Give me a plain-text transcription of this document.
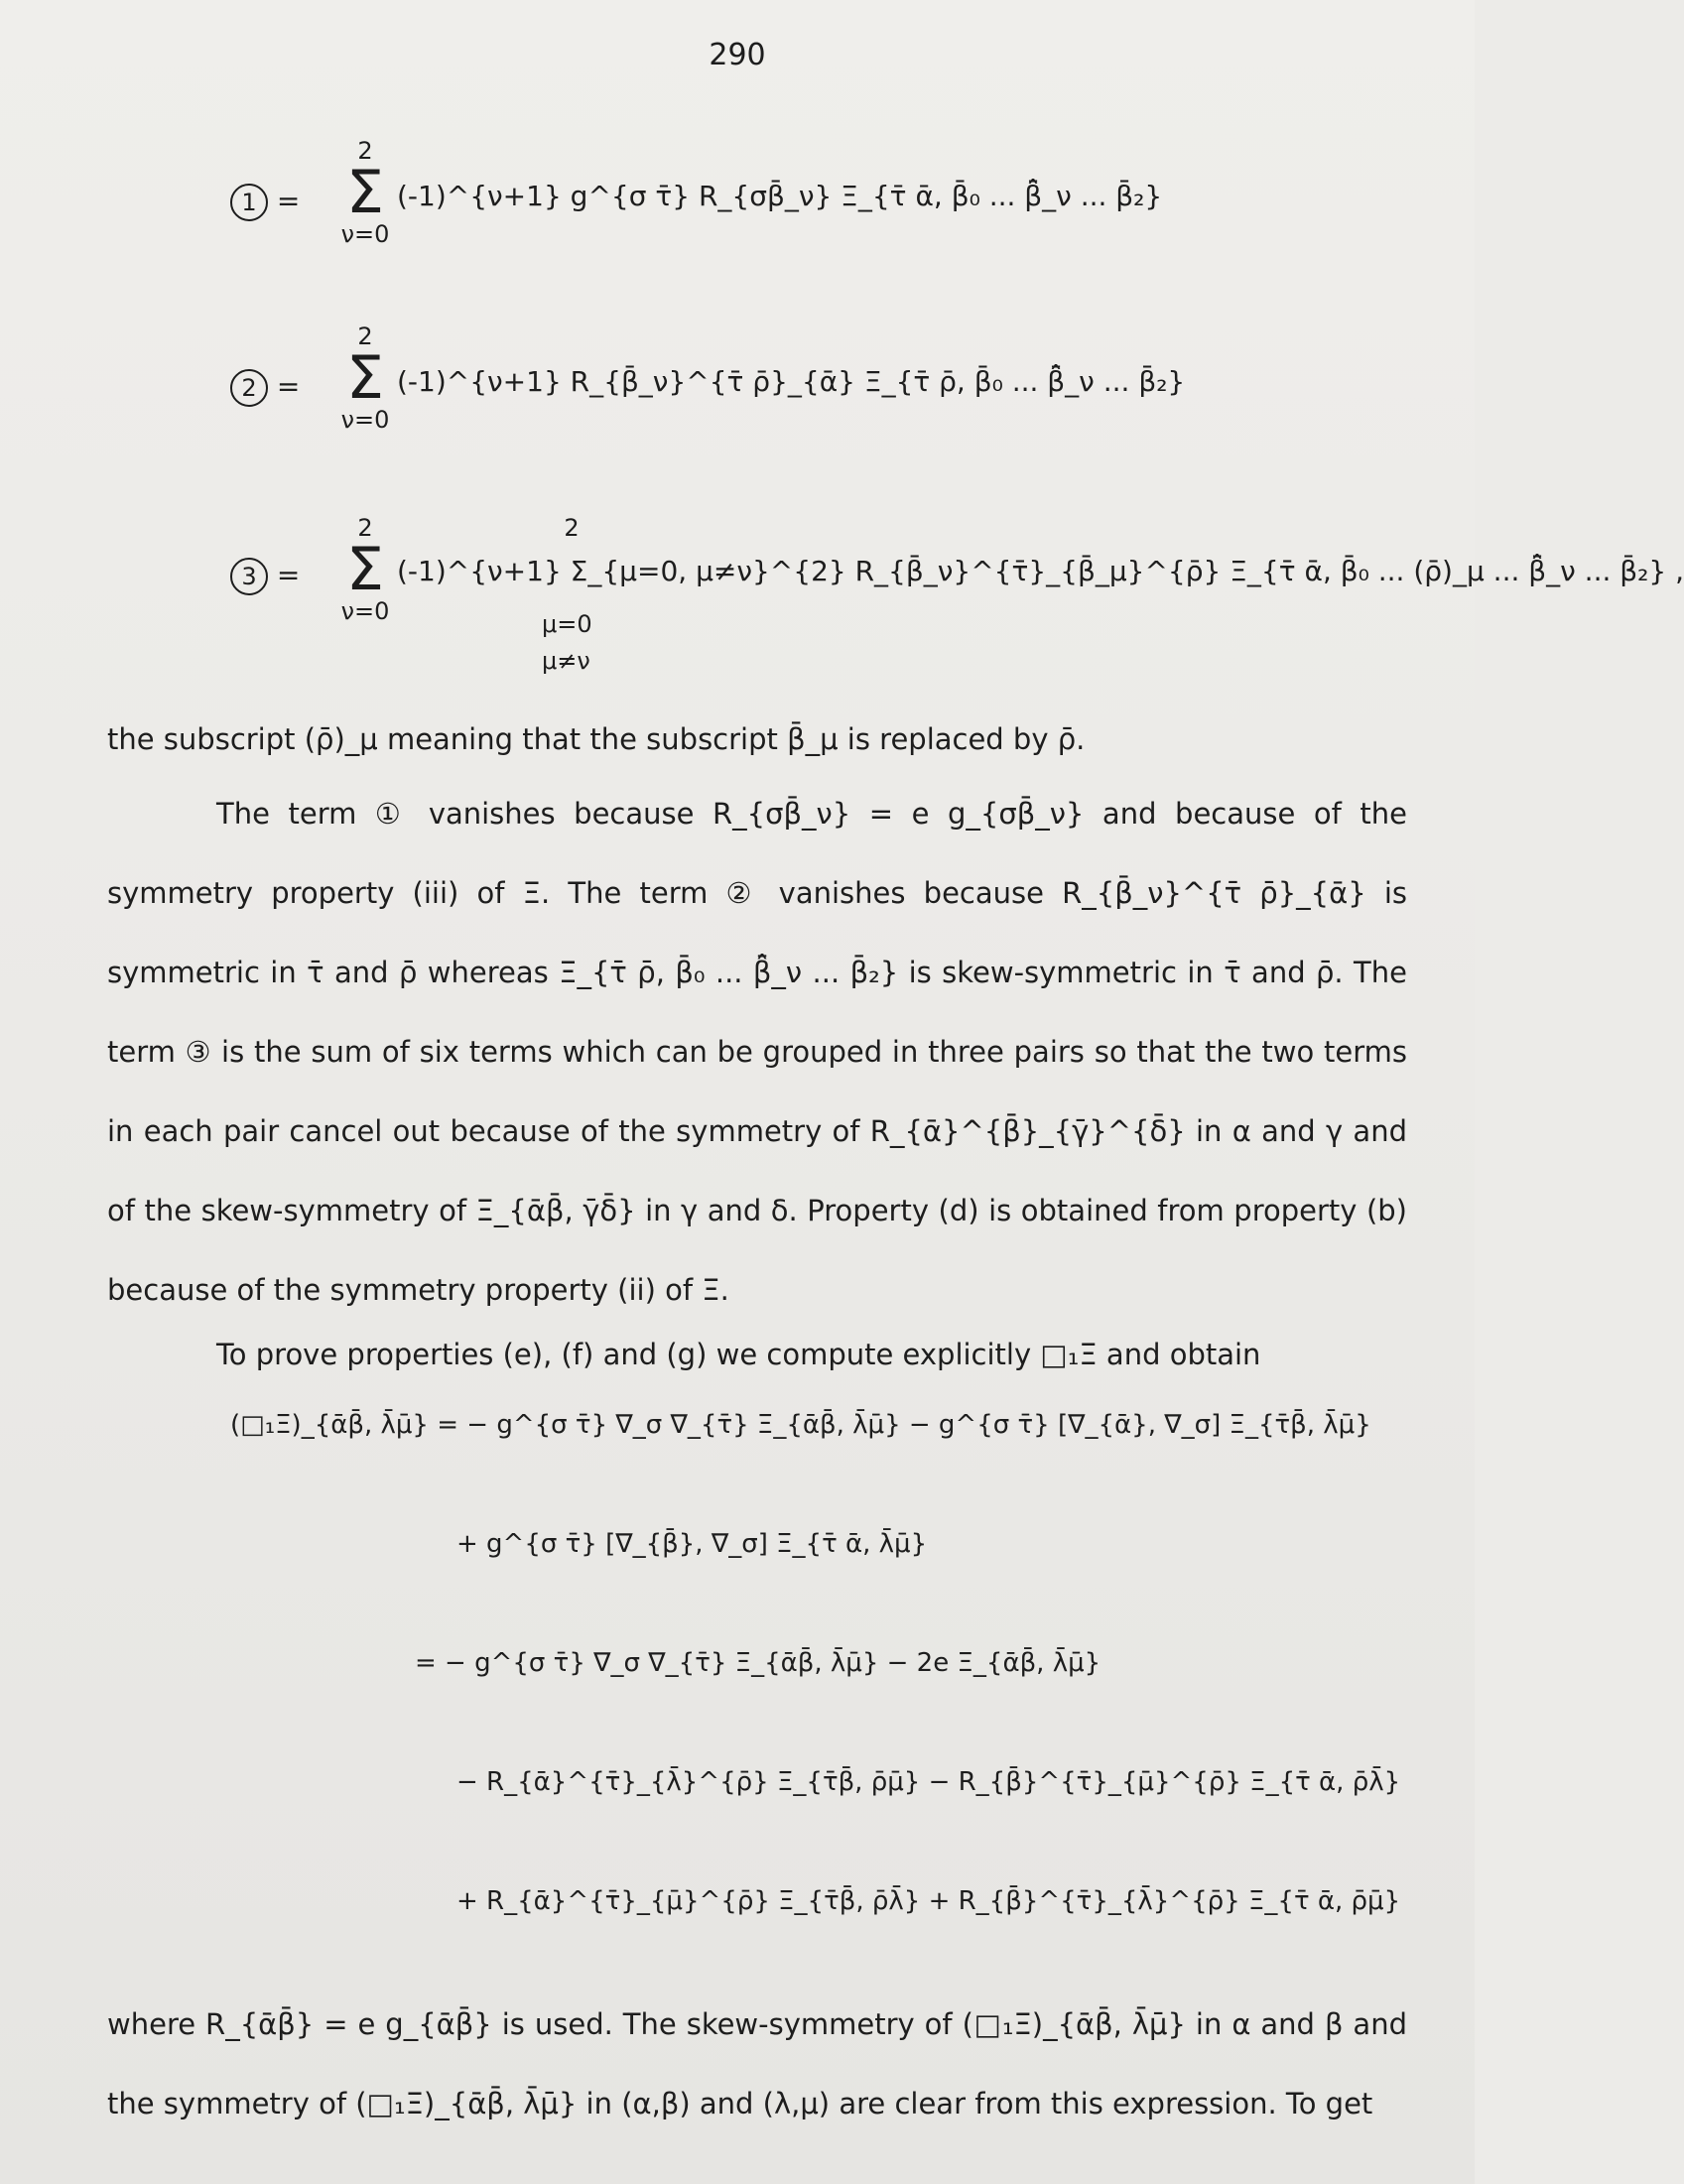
290
1 =
2
Σ
ν=0
(-1)^{ν+1} g^{σ τ̄} R_{σβ̄_ν} Ξ_{τ̄ ᾱ, β̄₀ ... β̂̄_ν ... β̄₂}
2 =
2
Σ
ν=0
(-1)^{ν+1} R_{β̄_ν}^{τ̄ ρ̄}_{ᾱ} Ξ_{τ̄ ρ̄, β̄₀ ... β̂̄_ν ... β̄₂}
3 =
2
Σ
ν=0
(-1)^{ν+1} Σ_{μ=0, μ≠ν}^{2} R_{β̄_ν}^{τ̄}_{β̄_μ}^{ρ̄} Ξ_{τ̄ ᾱ, β̄₀ ... (ρ̄)_μ ... β̂̄_ν ... β̄₂} ,
2
μ=0
μ≠ν
the subscript (ρ̄)_μ meaning that the subscript β̄_μ is replaced by ρ̄.
The term ① vanishes because R_{σβ̄_ν} = e g_{σβ̄_ν} and because of the symmetry property (iii) of Ξ. The term ② vanishes because R_{β̄_ν}^{τ̄ ρ̄}_{ᾱ} is symmetric in τ̄ and ρ̄ whereas Ξ_{τ̄ ρ̄, β̄₀ ... β̂̄_ν ... β̄₂} is skew-symmetric in τ̄ and ρ̄. The term ③ is the sum of six terms which can be grouped in three pairs so that the two terms in each pair cancel out because of the symmetry of R_{ᾱ}^{β̄}_{γ̄}^{δ̄} in α and γ and of the skew-symmetry of Ξ_{ᾱβ̄, γ̄δ̄} in γ and δ. Property (d) is obtained from property (b) because of the symmetry property (ii) of Ξ.
To prove properties (e), (f) and (g) we compute explicitly □₁Ξ and obtain
(□₁Ξ)_{ᾱβ̄, λ̄μ̄} = − g^{σ τ̄} ∇_σ ∇_{τ̄} Ξ_{ᾱβ̄, λ̄μ̄} − g^{σ τ̄} [∇_{ᾱ}, ∇_σ] Ξ_{τ̄β̄, λ̄μ̄}
+ g^{σ τ̄} [∇_{β̄}, ∇_σ] Ξ_{τ̄ ᾱ, λ̄μ̄}
= − g^{σ τ̄} ∇_σ ∇_{τ̄} Ξ_{ᾱβ̄, λ̄μ̄} − 2e Ξ_{ᾱβ̄, λ̄μ̄}
− R_{ᾱ}^{τ̄}_{λ̄}^{ρ̄} Ξ_{τ̄β̄, ρ̄μ̄} − R_{β̄}^{τ̄}_{μ̄}^{ρ̄} Ξ_{τ̄ ᾱ, ρ̄λ̄}
+ R_{ᾱ}^{τ̄}_{μ̄}^{ρ̄} Ξ_{τ̄β̄, ρ̄λ̄} + R_{β̄}^{τ̄}_{λ̄}^{ρ̄} Ξ_{τ̄ ᾱ, ρ̄μ̄}
where R_{ᾱβ̄} = e g_{ᾱβ̄} is used. The skew-symmetry of (□₁Ξ)_{ᾱβ̄, λ̄μ̄} in α and β and the symmetry of (□₁Ξ)_{ᾱβ̄, λ̄μ̄} in (α,β) and (λ,μ) are clear from this expression. To get
